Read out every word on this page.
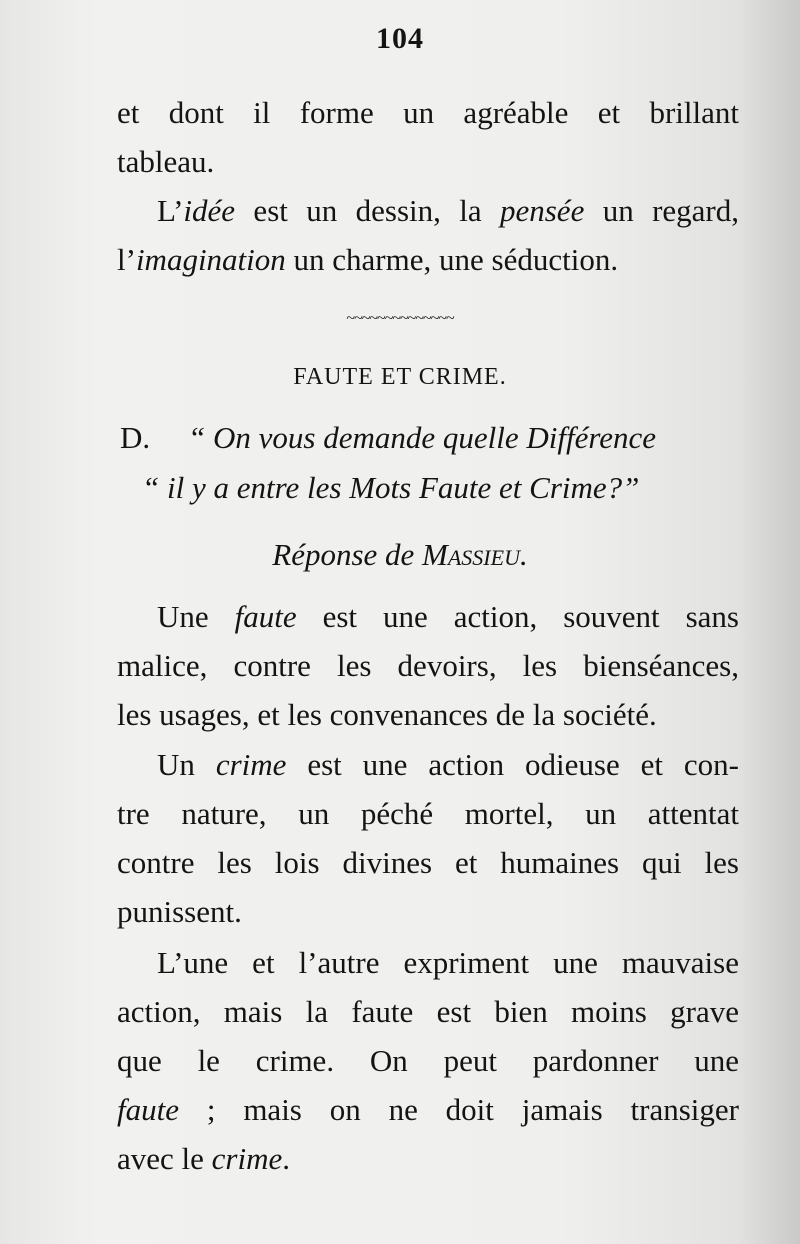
104
et dont il forme un agréable et brillant
tableau.
L’idée est un dessin, la pensée un regard,
l’imagination un charme, une séduction.
~~~~~~~~~~~~~~
FAUTE ET CRIME.
D. “ On vous demande quelle Différence
“ il y a entre les Mots Faute et Crime?”
Réponse de Massieu.
Une faute est une action, souvent sans
malice, contre les devoirs, les bienséances,
les usages, et les convenances de la société.
Un crime est une action odieuse et con-
tre nature, un péché mortel, un attentat
contre les lois divines et humaines qui les
punissent.
L’une et l’autre expriment une mauvaise
action, mais la faute est bien moins grave
que le crime. On peut pardonner une
faute ; mais on ne doit jamais transiger
avec le crime.
